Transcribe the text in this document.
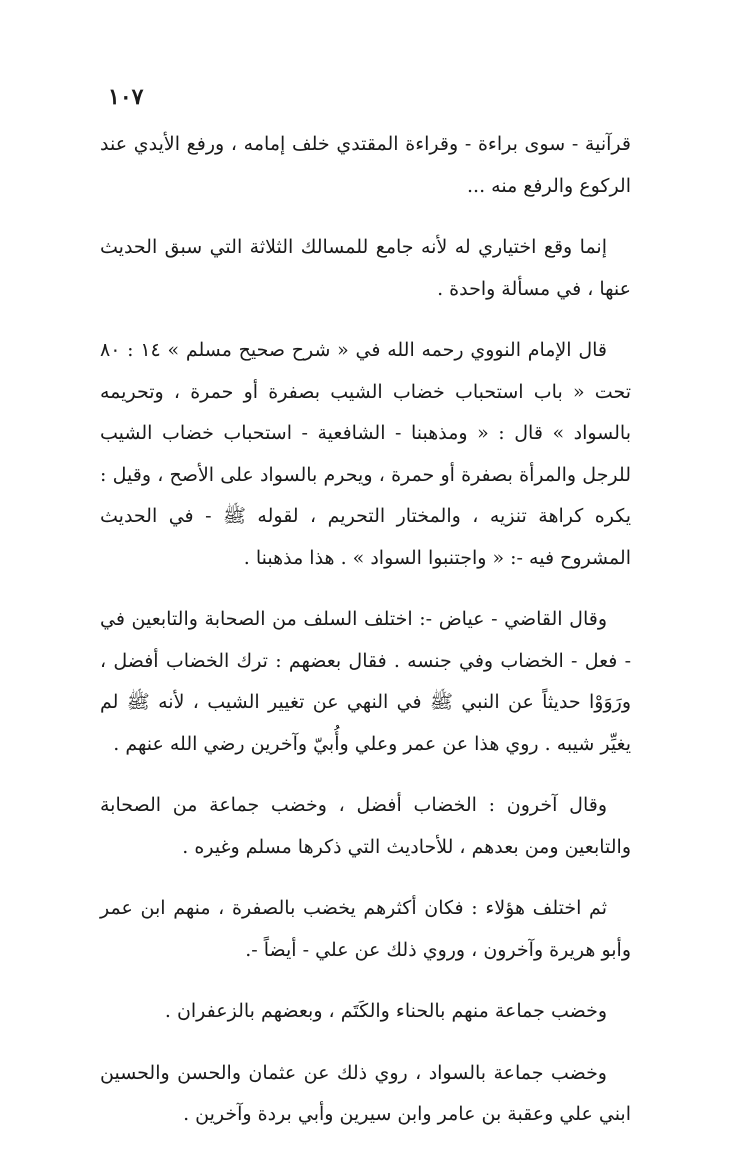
١٠٧

قرآنية - سوى براءة - وقراءة المقتدي خلف إمامه ، ورفع الأيدي عند الركوع والرفع منه ...

إنما وقع اختياري له لأنه جامع للمسالك الثلاثة التي سبق الحديث عنها ، في مسألة واحدة .

قال الإمام النووي رحمه الله في « شرح صحيح مسلم » ١٤ : ٨٠ تحت « باب استحباب خضاب الشيب بصفرة أو حمرة ، وتحريمه بالسواد » قال : « ومذهبنا - الشافعية - استحباب خضاب الشيب للرجل والمرأة بصفرة أو حمرة ، ويحرم بالسواد على الأصح ، وقيل : يكره كراهة تنزيه ، والمختار التحريم ، لقوله ﷺ - في الحديث المشروح فيه -: « واجتنبوا السواد » . هذا مذهبنا .

وقال القاضي - عياض -: اختلف السلف من الصحابة والتابعين في - فعل - الخضاب وفي جنسه . فقال بعضهم : ترك الخضاب أفضل ، ورَوَوْا حديثاً عن النبي ﷺ في النهي عن تغيير الشيب ، لأنه ﷺ لم يغيِّر شيبه . روي هذا عن عمر وعلي وأُبيّ وآخرين رضي الله عنهم .

وقال آخرون : الخضاب أفضل ، وخضب جماعة من الصحابة والتابعين ومن بعدهم ، للأحاديث التي ذكرها مسلم وغيره .

ثم اختلف هؤلاء : فكان أكثرهم يخضب بالصفرة ، منهم ابن عمر وأبو هريرة وآخرون ، وروي ذلك عن علي - أيضاً -.

وخضب جماعة منهم بالحناء والكَتَم ، وبعضهم بالزعفران .

وخضب جماعة بالسواد ، روي ذلك عن عثمان والحسن والحسين ابني علي وعقبة بن عامر وابن سيرين وأبي بردة وآخرين .
